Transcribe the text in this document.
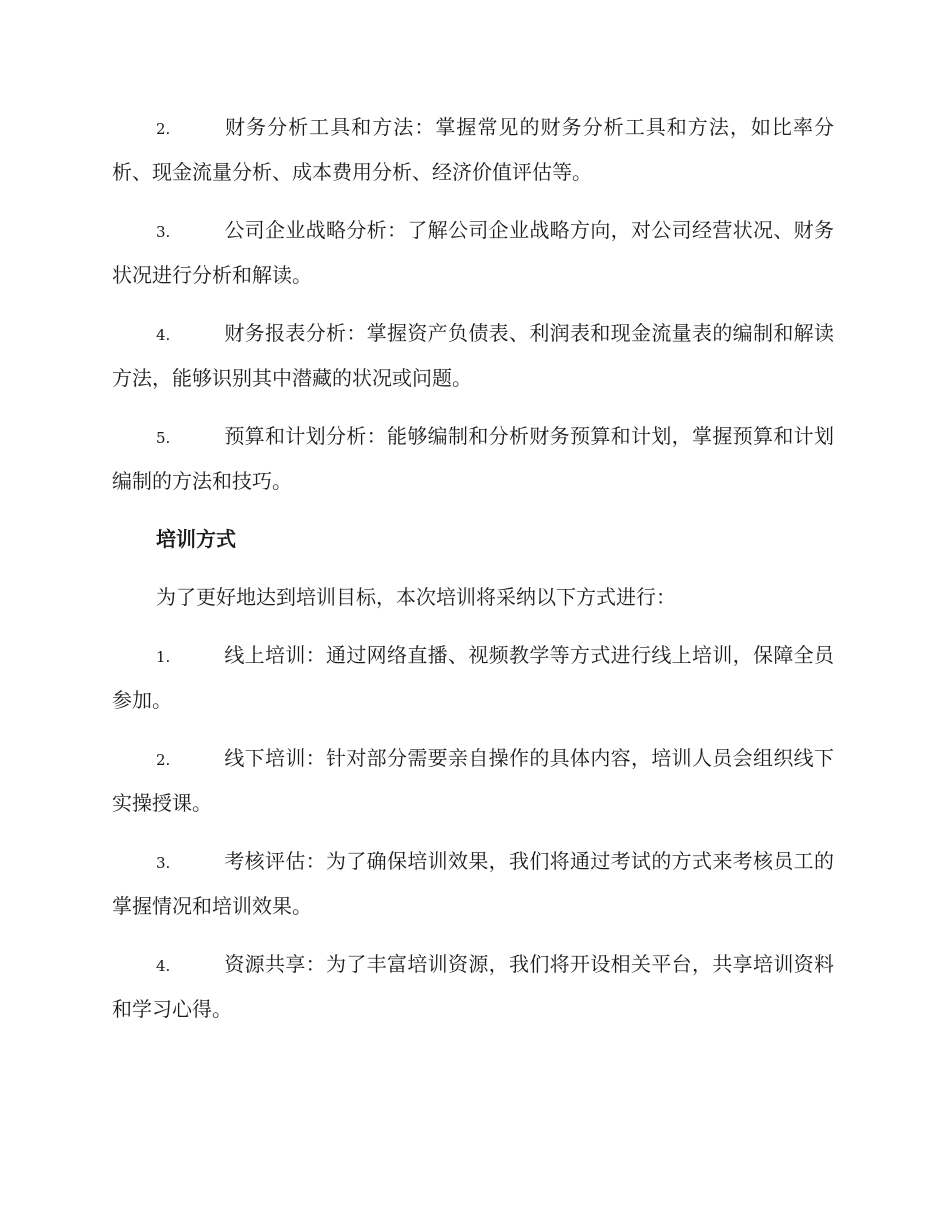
2.	财务分析工具和方法：掌握常见的财务分析工具和方法，如比率分析、现金流量分析、成本费用分析、经济价值评估等。

3.	公司企业战略分析：了解公司企业战略方向，对公司经营状况、财务状况进行分析和解读。

4.	财务报表分析：掌握资产负债表、利润表和现金流量表的编制和解读方法，能够识别其中潜藏的状况或问题。

5.	预算和计划分析：能够编制和分析财务预算和计划，掌握预算和计划编制的方法和技巧。

培训方式

为了更好地达到培训目标，本次培训将采纳以下方式进行：

1.	线上培训：通过网络直播、视频教学等方式进行线上培训，保障全员参加。

2.	线下培训：针对部分需要亲自操作的具体内容，培训人员会组织线下实操授课。

3.	考核评估：为了确保培训效果，我们将通过考试的方式来考核员工的掌握情况和培训效果。

4.	资源共享：为了丰富培训资源，我们将开设相关平台，共享培训资料和学习心得。
